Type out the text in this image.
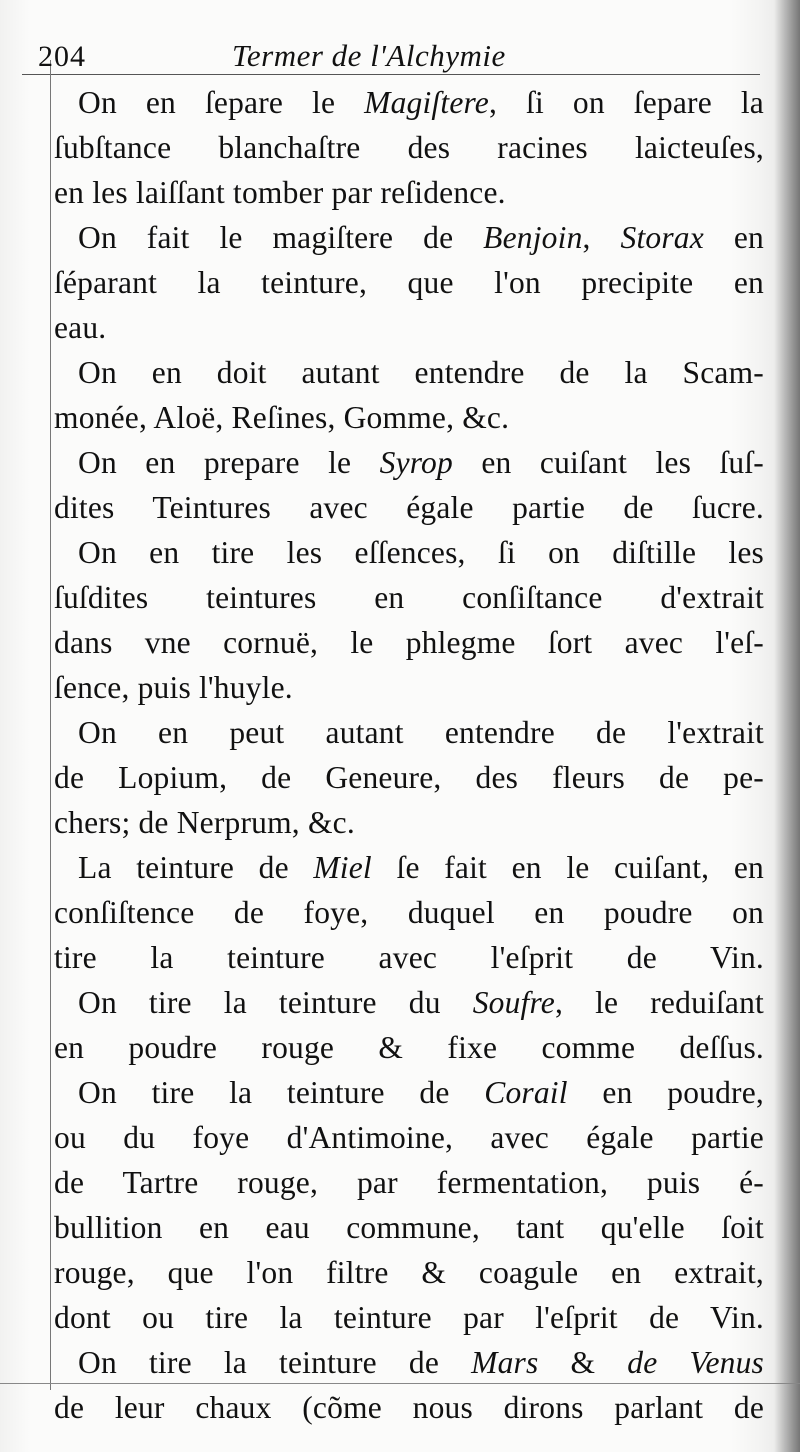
204	Termer de l'Alchymie
On en ſepare le Magiſtere, ſi on ſepare la
ſubſtance blanchaſtre des racines laicteuſes,
en les laiſſant tomber par reſidence.
On fait le magiſtere de Benjoin, Storax en
ſéparant la teinture, que l'on precipite en
eau.
On en doit autant entendre de la Scam-
monée, Aloë, Reſines, Gomme, &c.
On en prepare le Syrop en cuiſant les ſuſ-
dites Teintures avec égale partie de ſucre.
On en tire les eſſences, ſi on diſtille les
ſuſdites teintures en conſiſtance d'extrait
dans vne cornuë, le phlegme ſort avec l'eſ-
ſence, puis l'huyle.
On en peut autant entendre de l'extrait
de Lopium, de Geneure, des fleurs de pe-
chers; de Nerprum, &c.
La teinture de Miel ſe fait en le cuiſant, en
conſiſtence de foye, duquel en poudre on
tire la teinture avec l'eſprit de Vin.
On tire la teinture du Soufre, le reduiſant
en poudre rouge & fixe comme deſſus.
On tire la teinture de Corail en poudre,
ou du foye d'Antimoine, avec égale partie
de Tartre rouge, par fermentation, puis é-
bullition en eau commune, tant qu'elle ſoit
rouge, que l'on filtre & coagule en extrait,
dont ou tire la teinture par l'eſprit de Vin.
On tire la teinture de Mars & de Venus
de leur chaux (cõme nous dirons parlant de
